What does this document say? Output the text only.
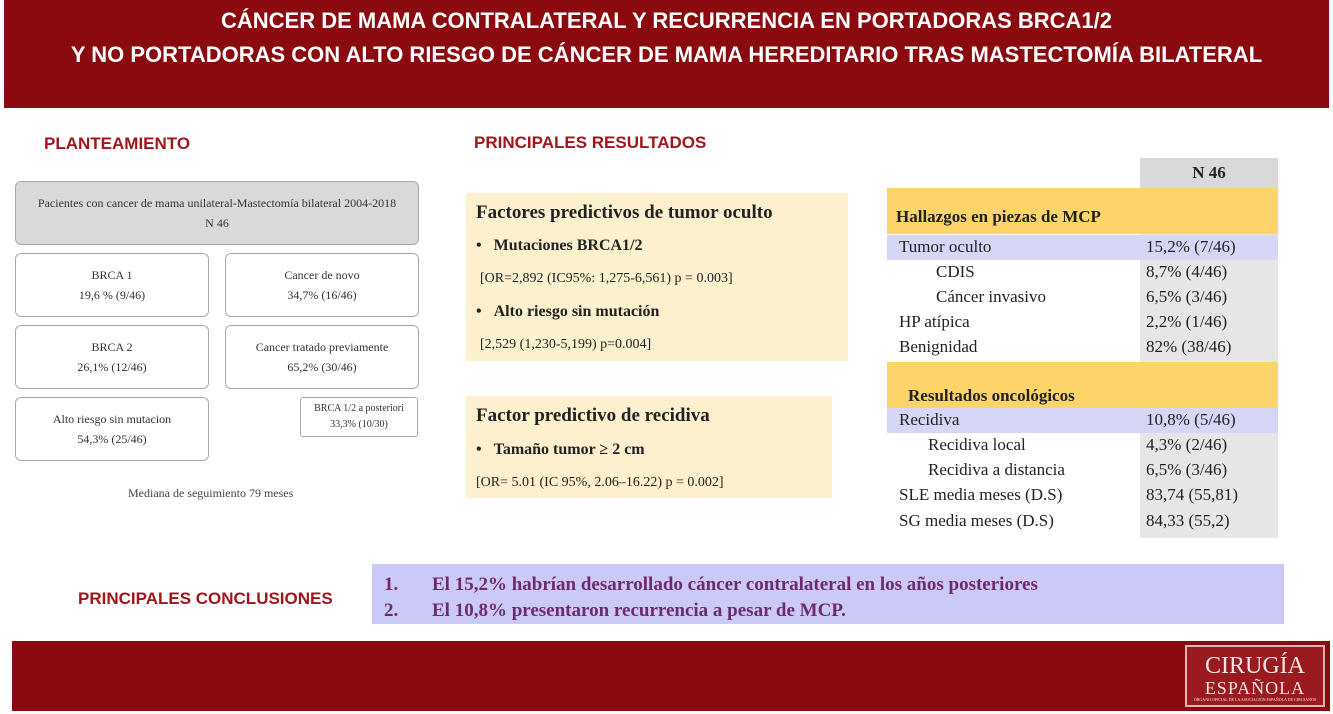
CÁNCER DE MAMA CONTRALATERAL Y RECURRENCIA EN PORTADORAS BRCA1/2
Y NO PORTADORAS CON ALTO RIESGO DE CÁNCER DE MAMA HEREDITARIO TRAS MASTECTOMÍA BILATERAL
PLANTEAMIENTO
Pacientes con cancer de mama unilateral-Mastectomía bilateral 2004-2018
N 46
BRCA 1
19,6 % (9/46)
Cancer de novo
34,7% (16/46)
BRCA 2
26,1% (12/46)
Cancer tratado previamente
65,2% (30/46)
Alto riesgo sin mutacion
54,3% (25/46)
BRCA 1/2 a posteriori
33,3% (10/30)
Mediana de seguimiento 79 meses
PRINCIPALES RESULTADOS
Factores predictivos de tumor oculto
•   Mutaciones BRCA1/2
[OR=2,892 (IC95%: 1,275-6,561) p = 0.003]
•   Alto riesgo sin mutación
[2,529 (1,230-5,199) p=0.004]
Factor predictivo de recidiva
•   Tamaño tumor ≥ 2 cm
[OR= 5.01 (IC 95%, 2.06–16.22) p = 0.002]
N 46
Hallazgos en piezas de MCP
Tumor oculto	15,2% (7/46)
CDIS	8,7% (4/46)
Cáncer invasivo	6,5% (3/46)
HP atípica	2,2% (1/46)
Benignidad	82% (38/46)
Resultados oncológicos
Recidiva	10,8% (5/46)
Recidiva local	4,3% (2/46)
Recidiva a distancia	6,5% (3/46)
SLE media meses (D.S)	83,74 (55,81)
SG media meses (D.S)	84,33 (55,2)
PRINCIPALES CONCLUSIONES
1. El 15,2% habrían desarrollado cáncer contralateral en los años posteriores
2. El 10,8% presentaron recurrencia a pesar de MCP.
CIRUGÍA
ESPAÑOLA
ÓRGANO OFICIAL DE LA ASOCIACIÓN ESPAÑOLA DE CIRUJANOS
